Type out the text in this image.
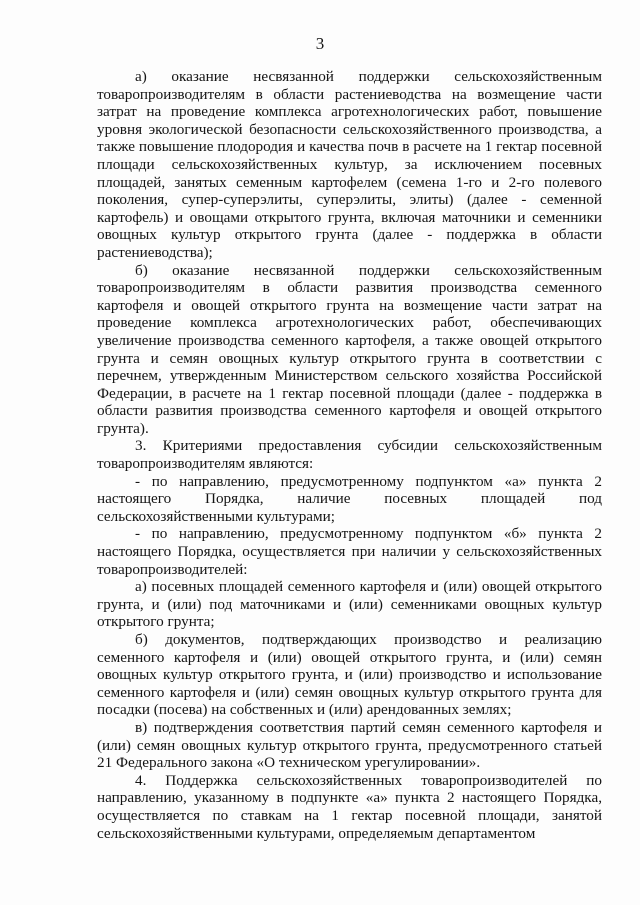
3

а) оказание несвязанной поддержки сельскохозяйственным товаропроизводителям в области растениеводства на возмещение части затрат на проведение комплекса агротехнологических работ, повышение уровня экологической безопасности сельскохозяйственного производства, а также повышение плодородия и качества почв в расчете на 1 гектар посевной площади сельскохозяйственных культур, за исключением посевных площадей, занятых семенным картофелем (семена 1-го и 2-го полевого поколения, супер-суперэлиты, суперэлиты, элиты) (далее - семенной картофель) и овощами открытого грунта, включая маточники и семенники овощных культур открытого грунта (далее - поддержка в области растениеводства);

б) оказание несвязанной поддержки сельскохозяйственным товаропроизводителям в области развития производства семенного картофеля и овощей открытого грунта на возмещение части затрат на проведение комплекса агротехнологических работ, обеспечивающих увеличение производства семенного картофеля, а также овощей открытого грунта и семян овощных культур открытого грунта в соответствии с перечнем, утвержденным Министерством сельского хозяйства Российской Федерации, в расчете на 1 гектар посевной площади (далее - поддержка в области развития производства семенного картофеля и овощей открытого грунта).

3. Критериями предоставления субсидии сельскохозяйственным товаропроизводителям являются:

- по направлению, предусмотренному подпунктом «а» пункта 2 настоящего Порядка, наличие посевных площадей под сельскохозяйственными культурами;

- по направлению, предусмотренному подпунктом «б» пункта 2 настоящего Порядка, осуществляется при наличии у сельскохозяйственных товаропроизводителей:

а) посевных площадей семенного картофеля и (или) овощей открытого грунта, и (или) под маточниками и (или) семенниками овощных культур открытого грунта;

б) документов, подтверждающих производство и реализацию семенного картофеля и (или) овощей открытого грунта, и (или) семян овощных культур открытого грунта, и (или) производство и использование семенного картофеля и (или) семян овощных культур открытого грунта для посадки (посева) на собственных и (или) арендованных землях;

в) подтверждения соответствия партий семян семенного картофеля и (или) семян овощных культур открытого грунта, предусмотренного статьей 21 Федерального закона «О техническом урегулировании».

4. Поддержка сельскохозяйственных товаропроизводителей по направлению, указанному в подпункте «а» пункта 2 настоящего Порядка, осуществляется по ставкам на 1 гектар посевной площади, занятой сельскохозяйственными культурами, определяемым департаментом
